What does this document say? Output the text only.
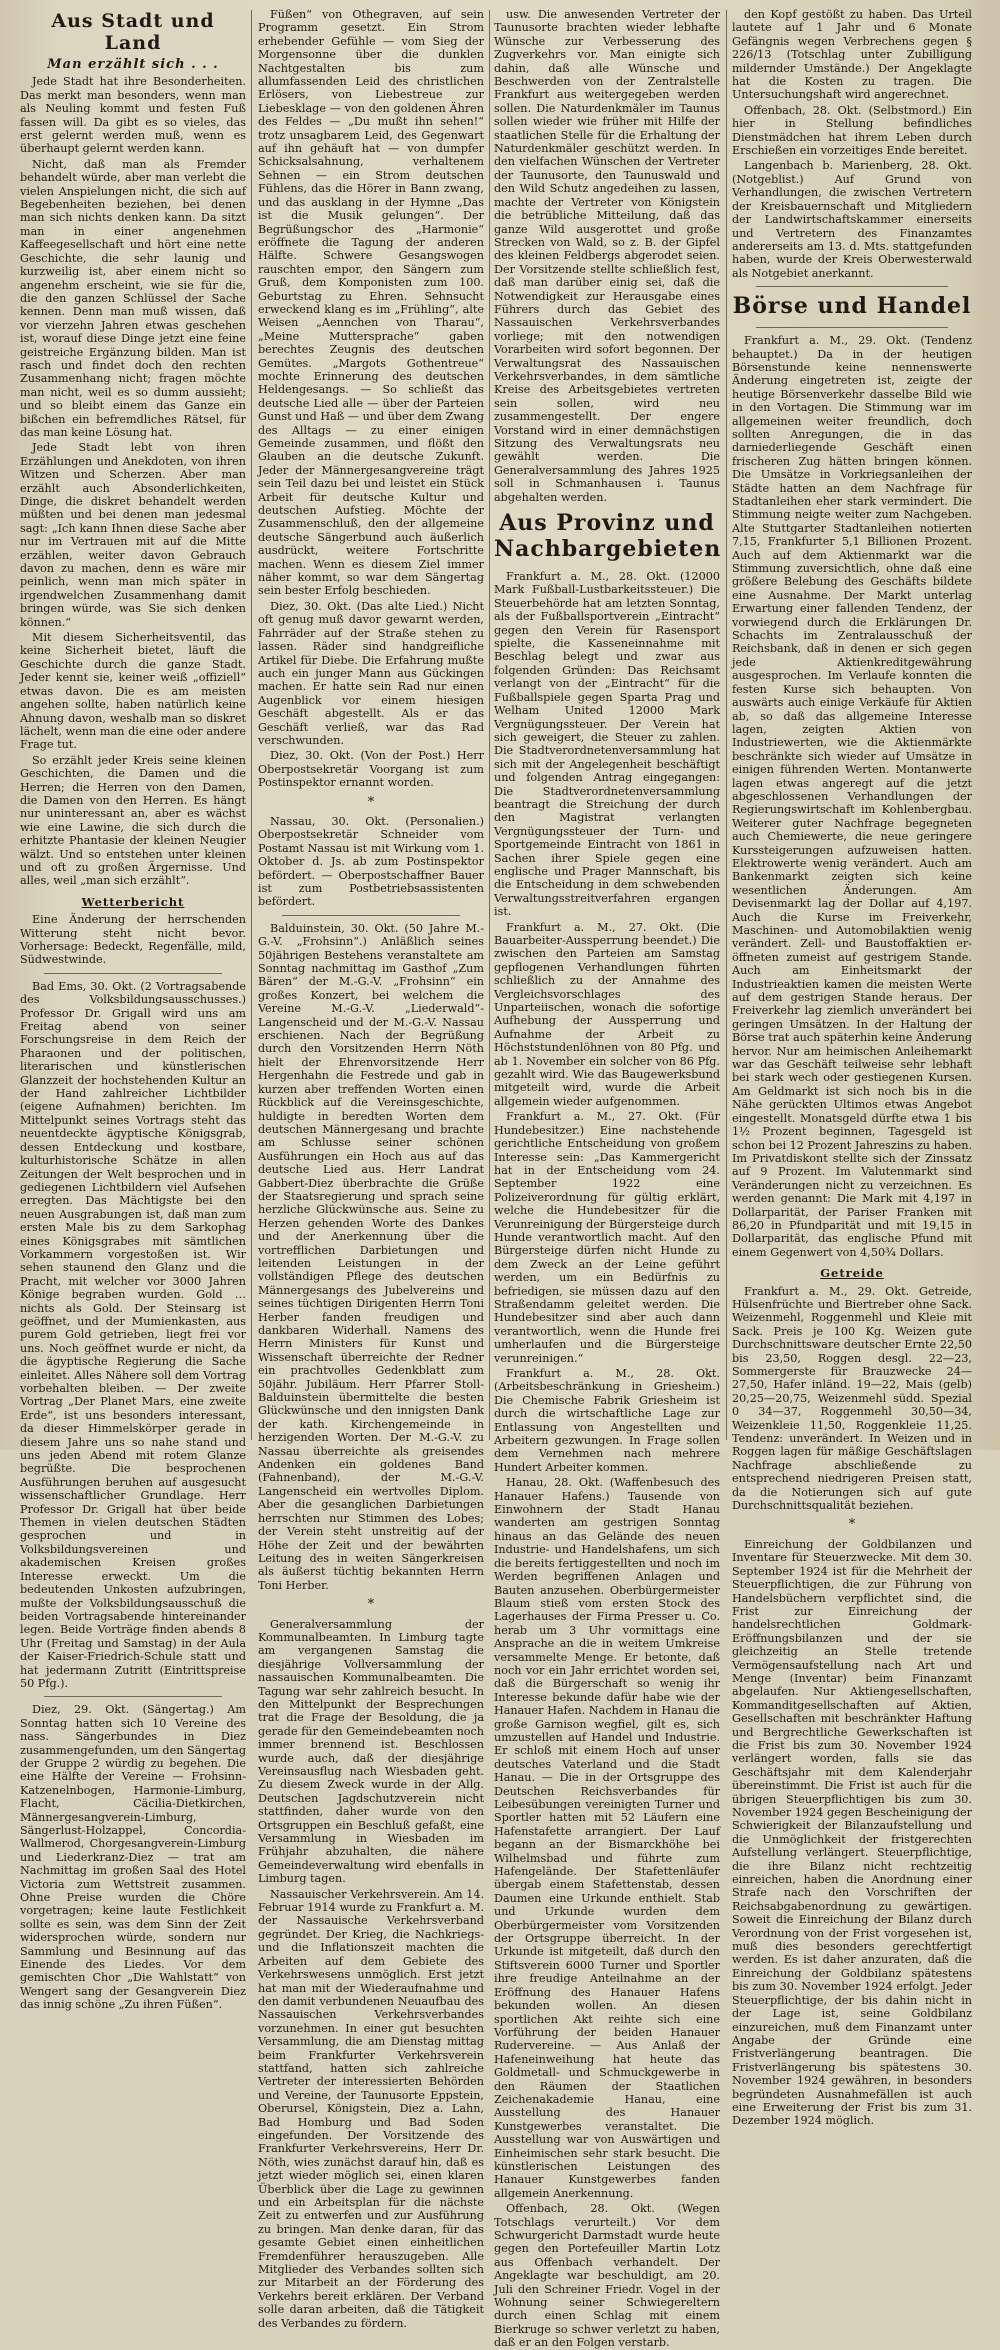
Aus Stadt und Land
Man erzählt sich . . .

Jede Stadt hat ihre Besonderheiten. Das merkt man besonders, wenn man als Neuling kommt und festen Fuß fassen will. Da gibt es so vieles, das erst gelernt werden muß, wenn es überhaupt gelernt werden kann.

Nicht, daß man als Fremder behandelt würde, aber man verlebt die vielen Anspielungen nicht, die sich auf Begebenheiten beziehen, bei denen man sich nichts denken kann. Da sitzt man in einer angenehmen Kaffeegesellschaft und hört eine nette Geschichte, die sehr launig und kurzweilig ist, aber einem nicht so angenehm erscheint, wie sie für die, die den ganzen Schlüssel der Sache kennen. Denn man muß wissen, daß vor vierzehn Jahren etwas geschehen ist, worauf diese Dinge jetzt eine feine geistreiche Ergänzung bilden. Man ist rasch und findet doch den rechten Zusammenhang nicht; fragen möchte man nicht, weil es so dumm aussieht; und so bleibt einem das Ganze ein bißchen ein befremdliches Rätsel, für das man keine Lösung hat.

Jede Stadt lebt von ihren Erzählungen und Anekdoten, von ihren Witzen und Scherzen. Aber man erzählt auch Absonderlichkeiten, Dinge, die diskret behandelt werden müßten und bei denen man jedesmal sagt: „Ich kann Ihnen diese Sache aber nur im Vertrauen mit auf die Mitte erzählen, weiter davon Gebrauch davon zu machen, denn es wäre mir peinlich, wenn man mich später in irgendwelchen Zusammenhang damit bringen würde, was Sie sich denken können.“

Mit diesem Sicherheitsventil, das keine Sicherheit bietet, läuft die Geschichte durch die ganze Stadt. Jeder kennt sie, keiner weiß „offiziell“ etwas davon. Die es am meisten angehen sollte, haben natürlich keine Ahnung davon, weshalb man so diskret lächelt, wenn man die eine oder andere Frage tut.

So erzählt jeder Kreis seine kleinen Geschichten, die Damen und die Herren; die Herren von den Damen, die Damen von den Herren. Es hängt nur uninteressant an, aber es wächst wie eine Lawine, die sich durch die erhitzte Phantasie der kleinen Neugier wälzt. Und so entstehen unter kleinen und oft zu großen Ärgernisse. Und alles, weil „man sich erzählt“.

Wetterbericht

Eine Änderung der herrschenden Witterung steht nicht bevor. Vorhersage: Bedeckt, Regenfälle, mild, Südwestwinde.

Bad Ems, 30. Okt. (2 Vortragsabende des Volksbildungsausschusses.) Professor Dr. Grigall wird uns am Freitag abend von seiner Forschungsreise in dem Reich der Pharaonen und der politischen, literarischen und künstlerischen Glanzzeit der hochstehenden Kultur an der Hand zahlreicher Lichtbilder (eigene Aufnahmen) berichten. Im Mittelpunkt seines Vortrags steht das neuentdeckte ägyptische Königsgrab, dessen Entdeckung und kostbare, kulturhistorische Schätze in allen Zeitungen der Welt besprochen und in gediegenen Lichtbildern viel Aufsehen erregten. Das Mächtigste bei den neuen Ausgrabungen ist, daß man zum ersten Male bis zu dem Sarkophag eines Königsgrabes mit sämtlichen Vorkammern vorgestoßen ist. Wir sehen staunend den Glanz und die Pracht, mit welcher vor 3000 Jahren Könige begraben wurden. Gold … nichts als Gold. Der Steinsarg ist geöffnet, und der Mumienkasten, aus purem Gold getrieben, liegt frei vor uns. Noch geöffnet wurde er nicht, da die ägyptische Regierung die Sache einleitet. Alles Nähere soll dem Vortrag vorbehalten bleiben. — Der zweite Vortrag „Der Planet Mars, eine zweite Erde“, ist uns besonders interessant, da dieser Himmelskörper gerade in diesem Jahre uns so nahe stand und uns jeden Abend mit rotem Glanze begrüßte. Die besprochenen Ausführungen beruhen auf ausgesucht wissenschaftlicher Grundlage. Herr Professor Dr. Grigall hat über beide Themen in vielen deutschen Städten gesprochen und in Volksbildungsvereinen und akademischen Kreisen großes Interesse erweckt. Um die bedeutenden Unkosten aufzubringen, mußte der Volksbildungsausschuß die beiden Vortragsabende hintereinander legen. Beide Vorträge finden abends 8 Uhr (Freitag und Samstag) in der Aula der Kaiser-Friedrich-Schule statt und hat jedermann Zutritt (Eintrittspreise 50 Pfg.).

Diez, 29. Okt. (Sängertag.) Am Sonntag hatten sich 10 Vereine des nass. Sängerbundes in Diez zusammengefunden, um den Sängertag der Gruppe 2 würdig zu begehen. Die eine Hälfte der Vereine — Frohsinn-Katzenelnbogen, Harmonie-Limburg, Flacht, Cäcilia-Dietkirchen, Männergesangverein-Limburg, Sängerlust-Holzappel, Concordia-Wallmerod, Chorgesangverein-Limburg und Liederkranz-Diez — trat am Nachmittag im großen Saal des Hotel Victoria zum Wettstreit zusammen. Ohne Preise wurden die Chöre vorgetragen; keine laute Festlichkeit sollte es sein, was dem Sinn der Zeit widersprochen würde, sondern nur Sammlung und Besinnung auf das Einende des Liedes. Vor dem gemischten Chor „Die Wahlstatt“ von Wengert sang der Gesangverein Diez das innig schöne „Zu ihren Füßen“.

Füßen“ von Othegraven, auf sein Programm gesetzt. Ein Strom erhebender Gefühle — vom Sieg der Morgensonne über die dunklen Nachtgestalten bis zum allumfassenden Leid des christlichen Erlösers, von Liebestreue zur Liebesklage — von den goldenen Ähren des Feldes — „Du mußt ihn sehen!“ trotz unsagbarem Leid, des Gegenwart auf ihn gehäuft hat — von dumpfer Schicksalsahnung, verhaltenem Sehnen — ein Strom deutschen Fühlens, das die Hörer in Bann zwang, und das ausklang in der Hymne „Das ist die Musik gelungen“. Der Begrüßungschor des „Harmonie“ eröffnete die Tagung der anderen Hälfte. Schwere Gesangswogen rauschten empor, den Sängern zum Gruß, dem Komponisten zum 100. Geburtstag zu Ehren. Sehnsucht erweckend klang es im „Frühling“, alte Weisen „Aennchen von Tharau“, „Meine Muttersprache“ gaben berechtes Zeugnis des deutschen Gemütes. „Margots Gothentreue“ mochte Erinnerung des deutschen Heldengesangs. — So schließt das deutsche Lied alle — über der Parteien Gunst und Haß — und über dem Zwang des Alltags — zu einer einigen Gemeinde zusammen, und flößt den Glauben an die deutsche Zukunft. Jeder der Männergesangvereine trägt sein Teil dazu bei und leistet ein Stück Arbeit für deutsche Kultur und deutschen Aufstieg. Möchte der Zusammenschluß, den der allgemeine deutsche Sängerbund auch äußerlich ausdrückt, weitere Fortschritte machen. Wenn es diesem Ziel immer näher kommt, so war dem Sängertag sein bester Erfolg beschieden.

Diez, 30. Okt. (Das alte Lied.) Nicht oft genug muß davor gewarnt werden, Fahrräder auf der Straße stehen zu lassen. Räder sind handgreifliche Artikel für Diebe. Die Erfahrung mußte auch ein junger Mann aus Gückingen machen. Er hatte sein Rad nur einen Augenblick vor einem hiesigen Geschäft abgestellt. Als er das Geschäft verließ, war das Rad verschwunden.

Diez, 30. Okt. (Von der Post.) Herr Oberpostsekretär Voorgang ist zum Postinspektor ernannt worden.

*

Nassau, 30. Okt. (Personalien.) Oberpostsekretär Schneider vom Postamt Nassau ist mit Wirkung vom 1. Oktober d. Js. ab zum Postinspektor befördert. — Oberpostschaffner Bauer ist zum Postbetriebsassistenten befördert.

Balduinstein, 30. Okt. (50 Jahre M.-G.-V. „Frohsinn“.) Anläßlich seines 50jährigen Bestehens veranstaltete am Sonntag nachmittag im Gasthof „Zum Bären“ der M.-G.-V. „Frohsinn“ ein großes Konzert, bei welchem die Vereine M.-G.-V. „Liederwald“-Langenscheid und der M.-G.-V. Nassau erschienen. Nach der Begrüßung durch den Vorsitzenden Herrn Nöth hielt der Ehrenvorsitzende Herr Hergenhahn die Festrede und gab in kurzen aber treffenden Worten einen Rückblick auf die Vereinsgeschichte, huldigte in beredten Worten dem deutschen Männergesang und brachte am Schlusse seiner schönen Ausführungen ein Hoch aus auf das deutsche Lied aus. Herr Landrat Gabbert-Diez überbrachte die Grüße der Staatsregierung und sprach seine herzliche Glückwünsche aus. Seine zu Herzen gehenden Worte des Dankes und der Anerkennung über die vortrefflichen Darbietungen und leitenden Leistungen in der vollständigen Pflege des deutschen Männergesangs des Jubelvereins und seines tüchtigen Dirigenten Herrn Toni Herber fanden freudigen und dankbaren Widerhall. Namens des Herrn Ministers für Kunst und Wissenschaft überreichte der Redner ein prachtvolles Gedenkblatt zum 50jähr. Jubiläum. Herr Pfarrer Stoll-Balduinstein übermittelte die besten Glückwünsche und den innigsten Dank der kath. Kirchengemeinde in herzigenden Worten. Der M.-G.-V. zu Nassau überreichte als greisendes Andenken ein goldenes Band (Fahnenband), der M.-G.-V. Langenscheid ein wertvolles Diplom. Aber die gesanglichen Darbietungen herrschten nur Stimmen des Lobes; der Verein steht unstreitig auf der Höhe der Zeit und der bewährten Leitung des in weiten Sängerkreisen als äußerst tüchtig bekannten Herrn Toni Herber.

*

Generalversammlung der Kommunalbeamten. In Limburg tagte am vergangenen Samstag die diesjährige Vollversammlung der nassauischen Kommunalbeamten. Die Tagung war sehr zahlreich besucht. In den Mittelpunkt der Besprechungen trat die Frage der Besoldung, die ja gerade für den Gemeindebeamten noch immer brennend ist. Beschlossen wurde auch, daß der diesjährige Vereinsausflug nach Wiesbaden geht. Zu diesem Zweck wurde in der Allg. Deutschen Jagdschutzverein nicht stattfinden, daher wurde von den Ortsgruppen ein Beschluß gefaßt, eine Versammlung in Wiesbaden im Frühjahr abzuhalten, die nähere Gemeindeverwaltung wird ebenfalls in Limburg tagen.

Nassauischer Verkehrsverein. Am 14. Februar 1914 wurde zu Frankfurt a. M. der Nassauische Verkehrsverband gegründet. Der Krieg, die Nachkriegs- und die Inflationszeit machten die Arbeiten auf dem Gebiete des Verkehrswesens unmöglich. Erst jetzt hat man mit der Wiederaufnahme und den damit verbundenen Neuaufbau des Nassauischen Verkehrsverbandes vorzunehmen. In einer gut besuchten Versammlung, die am Dienstag mittag beim Frankfurter Verkehrsverein stattfand, hatten sich zahlreiche Vertreter der interessierten Behörden und Vereine, der Taunusorte Eppstein, Oberursel, Königstein, Diez a. Lahn, Bad Homburg und Bad Soden eingefunden. Der Vorsitzende des Frankfurter Verkehrsvereins, Herr Dr. Nöth, wies zunächst darauf hin, daß es jetzt wieder möglich sei, einen klaren Überblick über die Lage zu gewinnen und ein Arbeitsplan für die nächste Zeit zu entwerfen und zur Ausführung zu bringen. Man denke daran, für das gesamte Gebiet einen einheitlichen Fremdenführer herauszugeben. Alle Mitglieder des Verbandes sollten sich zur Mitarbeit an der Förderung des Verkehrs bereit erklären. Der Verband solle daran arbeiten, daß die Tätigkeit des Verbandes zu fördern.

usw. Die anwesenden Vertreter der Taunusorte brachten wieder lebhafte Wünsche zur Verbesserung des Zugverkehrs vor. Man einigte sich dahin, daß alle Wünsche und Beschwerden von der Zentralstelle Frankfurt aus weitergegeben werden sollen. Die Naturdenkmäler im Taunus sollen wieder wie früher mit Hilfe der staatlichen Stelle für die Erhaltung der Naturdenkmäler geschützt werden. In den vielfachen Wünschen der Vertreter der Taunusorte, den Taunuswald und den Wild Schutz angedeihen zu lassen, machte der Vertreter von Königstein die betrübliche Mitteilung, daß das ganze Wild ausgerottet und große Strecken von Wald, so z. B. der Gipfel des kleinen Feldbergs abgerodet seien. Der Vorsitzende stellte schließlich fest, daß man darüber einig sei, daß die Notwendigkeit zur Herausgabe eines Führers durch das Gebiet des Nassauischen Verkehrsverbandes vorliege; mit den notwendigen Vorarbeiten wird sofort begonnen. Der Verwaltungsrat des Nassauischen Verkehrsverbandes, in dem sämtliche Kreise des Arbeitsgebietes vertreten sein sollen, wird neu zusammengestellt. Der engere Vorstand wird in einer demnächstigen Sitzung des Verwaltungsrats neu gewählt werden. Die Generalversammlung des Jahres 1925 soll in Schmanhausen i. Taunus abgehalten werden.

Aus Provinz und Nachbargebieten

Frankfurt a. M., 28. Okt. (12000 Mark Fußball-Lustbarkeitssteuer.) Die Steuerbehörde hat am letzten Sonntag, als der Fußballsportverein „Eintracht“ gegen den Verein für Rasensport spielte, die Kasseneinnahme mit Beschlag belegt und zwar aus folgenden Gründen: Das Reichsamt verlangt von der „Eintracht“ für die Fußballspiele gegen Sparta Prag und Welham United 12000 Mark Vergnügungssteuer. Der Verein hat sich geweigert, die Steuer zu zahlen. Die Stadtverordnetenversammlung hat sich mit der Angelegenheit beschäftigt und folgenden Antrag eingegangen: Die Stadtverordnetenversammlung beantragt die Streichung der durch den Magistrat verlangten Vergnügungssteuer der Turn- und Sportgemeinde Eintracht von 1861 in Sachen ihrer Spiele gegen eine englische und Prager Mannschaft, bis die Entscheidung in dem schwebenden Verwaltungsstreitverfahren ergangen ist.

Frankfurt a. M., 27. Okt. (Die Bauarbeiter-Aussperrung beendet.) Die zwischen den Parteien am Samstag gepflogenen Verhandlungen führten schließlich zu der Annahme des Vergleichsvorschlages des Unparteiischen, wonach die sofortige Aufhebung der Aussperrung und Aufnahme der Arbeit zu Höchststundenlöhnen von 80 Pfg. und ab 1. November ein solcher von 86 Pfg. gezahlt wird. Wie das Baugewerksbund mitgeteilt wird, wurde die Arbeit allgemein wieder aufgenommen.

Frankfurt a. M., 27. Okt. (Für Hundebesitzer.) Eine nachstehende gerichtliche Entscheidung von großem Interesse sein: „Das Kammergericht hat in der Entscheidung vom 24. September 1922 eine Polizeiverordnung für gültig erklärt, welche die Hundebesitzer für die Verunreinigung der Bürgersteige durch Hunde verantwortlich macht. Auf den Bürgersteige dürfen nicht Hunde zu dem Zweck an der Leine geführt werden, um ein Bedürfnis zu befriedigen, sie müssen dazu auf den Straßendamm geleitet werden. Die Hundebesitzer sind aber auch dann verantwortlich, wenn die Hunde frei umherlaufen und die Bürgersteige verunreinigen.“

Frankfurt a. M., 28. Okt. (Arbeitsbeschränkung in Griesheim.) Die Chemische Fabrik Griesheim ist durch die wirtschaftliche Lage zur Entlassung von Angestellten und Arbeitern gezwungen. In Frage sollen dem Vernehmen nach mehrere Hundert Arbeiter kommen.

Hanau, 28. Okt. (Waffenbesuch des Hanauer Hafens.) Tausende von Einwohnern der Stadt Hanau wanderten am gestrigen Sonntag hinaus an das Gelände des neuen Industrie- und Handelshafens, um sich die bereits fertiggestellten und noch im Werden begriffenen Anlagen und Bauten anzusehen. Oberbürgermeister Blaum stieß vom ersten Stock des Lagerhauses der Firma Presser u. Co. herab um 3 Uhr vormittags eine Ansprache an die in weitem Umkreise versammelte Menge. Er betonte, daß noch vor ein Jahr errichtet worden sei, daß die Bürgerschaft so wenig ihr Interesse bekunde dafür habe wie der Hanauer Hafen. Nachdem in Hanau die große Garnison wegfiel, gilt es, sich umzustellen auf Handel und Industrie. Er schloß mit einem Hoch auf unser deutsches Vaterland und die Stadt Hanau. — Die in der Ortsgruppe des Deutschen Reichsverbandes für Leibesübungen vereinigten Turner und Sportler hatten mit 52 Läufern eine Hafenstafette arrangiert. Der Lauf begann an der Bismarckhöhe bei Wilhelmsbad und führte zum Hafengelände. Der Stafettenläufer übergab einem Stafettenstab, dessen Daumen eine Urkunde enthielt. Stab und Urkunde wurden dem Oberbürgermeister vom Vorsitzenden der Ortsgruppe überreicht. In der Urkunde ist mitgeteilt, daß durch den Stiftsverein 6000 Turner und Sportler ihre freudige Anteilnahme an der Eröffnung des Hanauer Hafens bekunden wollen. An diesen sportlichen Akt reihte sich eine Vorführung der beiden Hanauer Rudervereine. — Aus Anlaß der Hafeneinweihung hat heute das Goldmetall- und Schmuckgewerbe in den Räumen der Staatlichen Zeichenakademie Hanau, eine Ausstellung des Hanauer Kunstgewerbes veranstaltet. Die Ausstellung war von Auswärtigen und Einheimischen sehr stark besucht. Die künstlerischen Leistungen des Hanauer Kunstgewerbes fanden allgemein Anerkennung.

Offenbach, 28. Okt. (Wegen Totschlags verurteilt.) Vor dem Schwurgericht Darmstadt wurde heute gegen den Portefeuiller Martin Lotz aus Offenbach verhandelt. Der Angeklagte war beschuldigt, am 20. Juli den Schreiner Friedr. Vogel in der Wohnung seiner Schwiegereltern durch einen Schlag mit einem Bierkruge so schwer verletzt zu haben, daß er an den Folgen verstarb.

den Kopf gestößt zu haben. Das Urteil lautete auf 1 Jahr und 6 Monate Gefängnis wegen Verbrechens gegen § 226/13 (Totschlag unter Zubilligung mildernder Umstände.) Der Angeklagte hat die Kosten zu tragen. Die Untersuchungshaft wird angerechnet.

Offenbach, 28. Okt. (Selbstmord.) Ein hier in Stellung befindliches Dienstmädchen hat ihrem Leben durch Erschießen ein vorzeitiges Ende bereitet.

Langenbach b. Marienberg, 28. Okt. (Notgeblist.) Auf Grund von Verhandlungen, die zwischen Vertretern der Kreisbauernschaft und Mitgliedern der Landwirtschaftskammer einerseits und Vertretern des Finanzamtes andererseits am 13. d. Mts. stattgefunden haben, wurde der Kreis Oberwesterwald als Notgebiet anerkannt.

Börse und Handel

Frankfurt a. M., 29. Okt. (Tendenz behauptet.) Da in der heutigen Börsenstunde keine nennenswerte Änderung eingetreten ist, zeigte der heutige Börsenverkehr dasselbe Bild wie in den Vortagen. Die Stimmung war im allgemeinen weiter freundlich, doch sollten Anregungen, die in das darniederliegende Geschäft einen frischeren Zug hätten bringen können. Die Umsätze in Vorkriegsanleihen der Städte hatten an dem Nachfrage für Stadtanleihen eher stark vermindert. Die Stimmung neigte weiter zum Nachgeben. Alte Stuttgarter Stadtanleihen notierten 7,15, Frankfurter 5,1 Billionen Prozent. Auch auf dem Aktienmarkt war die Stimmung zuversichtlich, ohne daß eine größere Belebung des Geschäfts bildete eine Ausnahme. Der Markt unterlag Erwartung einer fallenden Tendenz, der vorwiegend durch die Erklärungen Dr. Schachts im Zentralausschuß der Reichsbank, daß in denen er sich gegen jede Aktienkreditgewährung ausgesprochen. Im Verlaufe konnten die festen Kurse sich behaupten. Von auswärts auch einige Verkäufe für Aktien ab, so daß das allgemeine Interesse lagen, zeigten Aktien von Industriewerten, wie die Aktienmärkte beschränkte sich wieder auf Umsätze in einigen führenden Werten. Montanwerte lagen etwas angeregt auf die jetzt abgeschlossenen Verhandlungen der Regierungswirtschaft im Kohlenbergbau. Weiterer guter Nachfrage begegneten auch Chemiewerte, die neue geringere Kurssteigerungen aufzuweisen hatten. Elektrowerte wenig verändert. Auch am Bankenmarkt zeigten sich keine wesentlichen Änderungen. Am Devisenmarkt lag der Dollar auf 4,197. Auch die Kurse im Freiverkehr, Maschinen- und Automobilaktien wenig verändert. Zell- und Baustoffaktien er-öffneten zumeist auf gestrigem Stande. Auch am Einheitsmarkt der Industrieaktien kamen die meisten Werte auf dem gestrigen Stande heraus. Der Freiverkehr lag ziemlich unverändert bei geringen Umsätzen. In der Haltung der Börse trat auch späterhin keine Änderung hervor. Nur am heimischen Anleihemarkt war das Geschäft teilweise sehr lebhaft bei stark wech oder gestiegenen Kursen. Am Geldmarkt ist sich noch bis in die Nähe gerückten Ultimos etwas Angebot eingestellt. Monatsgeld dürfte etwa 1 bis 1½ Prozent beginnen, Tagesgeld ist schon bei 12 Prozent Jahreszins zu haben. Im Privatdiskont stellte sich der Zinssatz auf 9 Prozent. Im Valutenmarkt sind Veränderungen nicht zu verzeichnen. Es werden genannt: Die Mark mit 4,197 in Dollarparität, der Pariser Franken mit 86,20 in Pfundparität und mit 19,15 in Dollarparität, das englische Pfund mit einem Gegenwert von 4,50¾ Dollars.

Getreide

Frankfurt a. M., 29. Okt. Getreide, Hülsenfrüchte und Biertreber ohne Sack. Weizenmehl, Roggenmehl und Kleie mit Sack. Preis je 100 Kg. Weizen gute Durchschnittsware deutscher Ernte 22,50 bis 23,50, Roggen desgl. 22—23, Sommergerste für Brauzwecke 24—27,50, Hafer inländ. 19—22, Mais (gelb) 20,25—20,75, Weizenmehl südd. Spezial 0 34—37, Roggenmehl 30,50—34, Weizenkleie 11,50, Roggenkleie 11,25. Tendenz: unverändert. In Weizen und in Roggen lagen für mäßige Geschäftslagen Nachfrage abschließende zu entsprechend niedrigeren Preisen statt, da die Notierungen sich auf gute Durchschnittsqualität beziehen.

*

Einreichung der Goldbilanzen und Inventare für Steuerzwecke. Mit dem 30. September 1924 ist für die Mehrheit der Steuerpflichtigen, die zur Führung von Handelsbüchern verpflichtet sind, die Frist zur Einreichung der handelsrechtlichen Goldmark-Eröffnungsbilanzen und der sie gleichzeitig an Stelle tretende Vermögensaufstellung nach Art und Menge (Inventar) beim Finanzamt abgelaufen. Nur Aktiengesellschaften, Kommanditgesellschaften auf Aktien, Gesellschaften mit beschränkter Haftung und Bergrechtliche Gewerkschaften ist die Frist bis zum 30. November 1924 verlängert worden, falls sie das Geschäftsjahr mit dem Kalenderjahr übereinstimmt. Die Frist ist auch für die übrigen Steuerpflichtigen bis zum 30. November 1924 gegen Bescheinigung der Schwierigkeit der Bilanzaufstellung und die Unmöglichkeit der fristgerechten Aufstellung verlängert. Steuerpflichtige, die ihre Bilanz nicht rechtzeitig einreichen, haben die Anordnung einer Strafe nach den Vorschriften der Reichsabgabenordnung zu gewärtigen. Soweit die Einreichung der Bilanz durch Verordnung von der Frist vorgesehen ist, muß dies besonders gerechtfertigt werden. Es ist daher anzuraten, daß die Einreichung der Goldbilanz spätestens bis zum 30. November 1924 erfolgt. Jeder Steuerpflichtige, der bis dahin nicht in der Lage ist, seine Goldbilanz einzureichen, muß dem Finanzamt unter Angabe der Gründe eine Fristverlängerung beantragen. Die Fristverlängerung bis spätestens 30. November 1924 gewähren, in besonders begründeten Ausnahmefällen ist auch eine Erweiterung der Frist bis zum 31. Dezember 1924 möglich.
